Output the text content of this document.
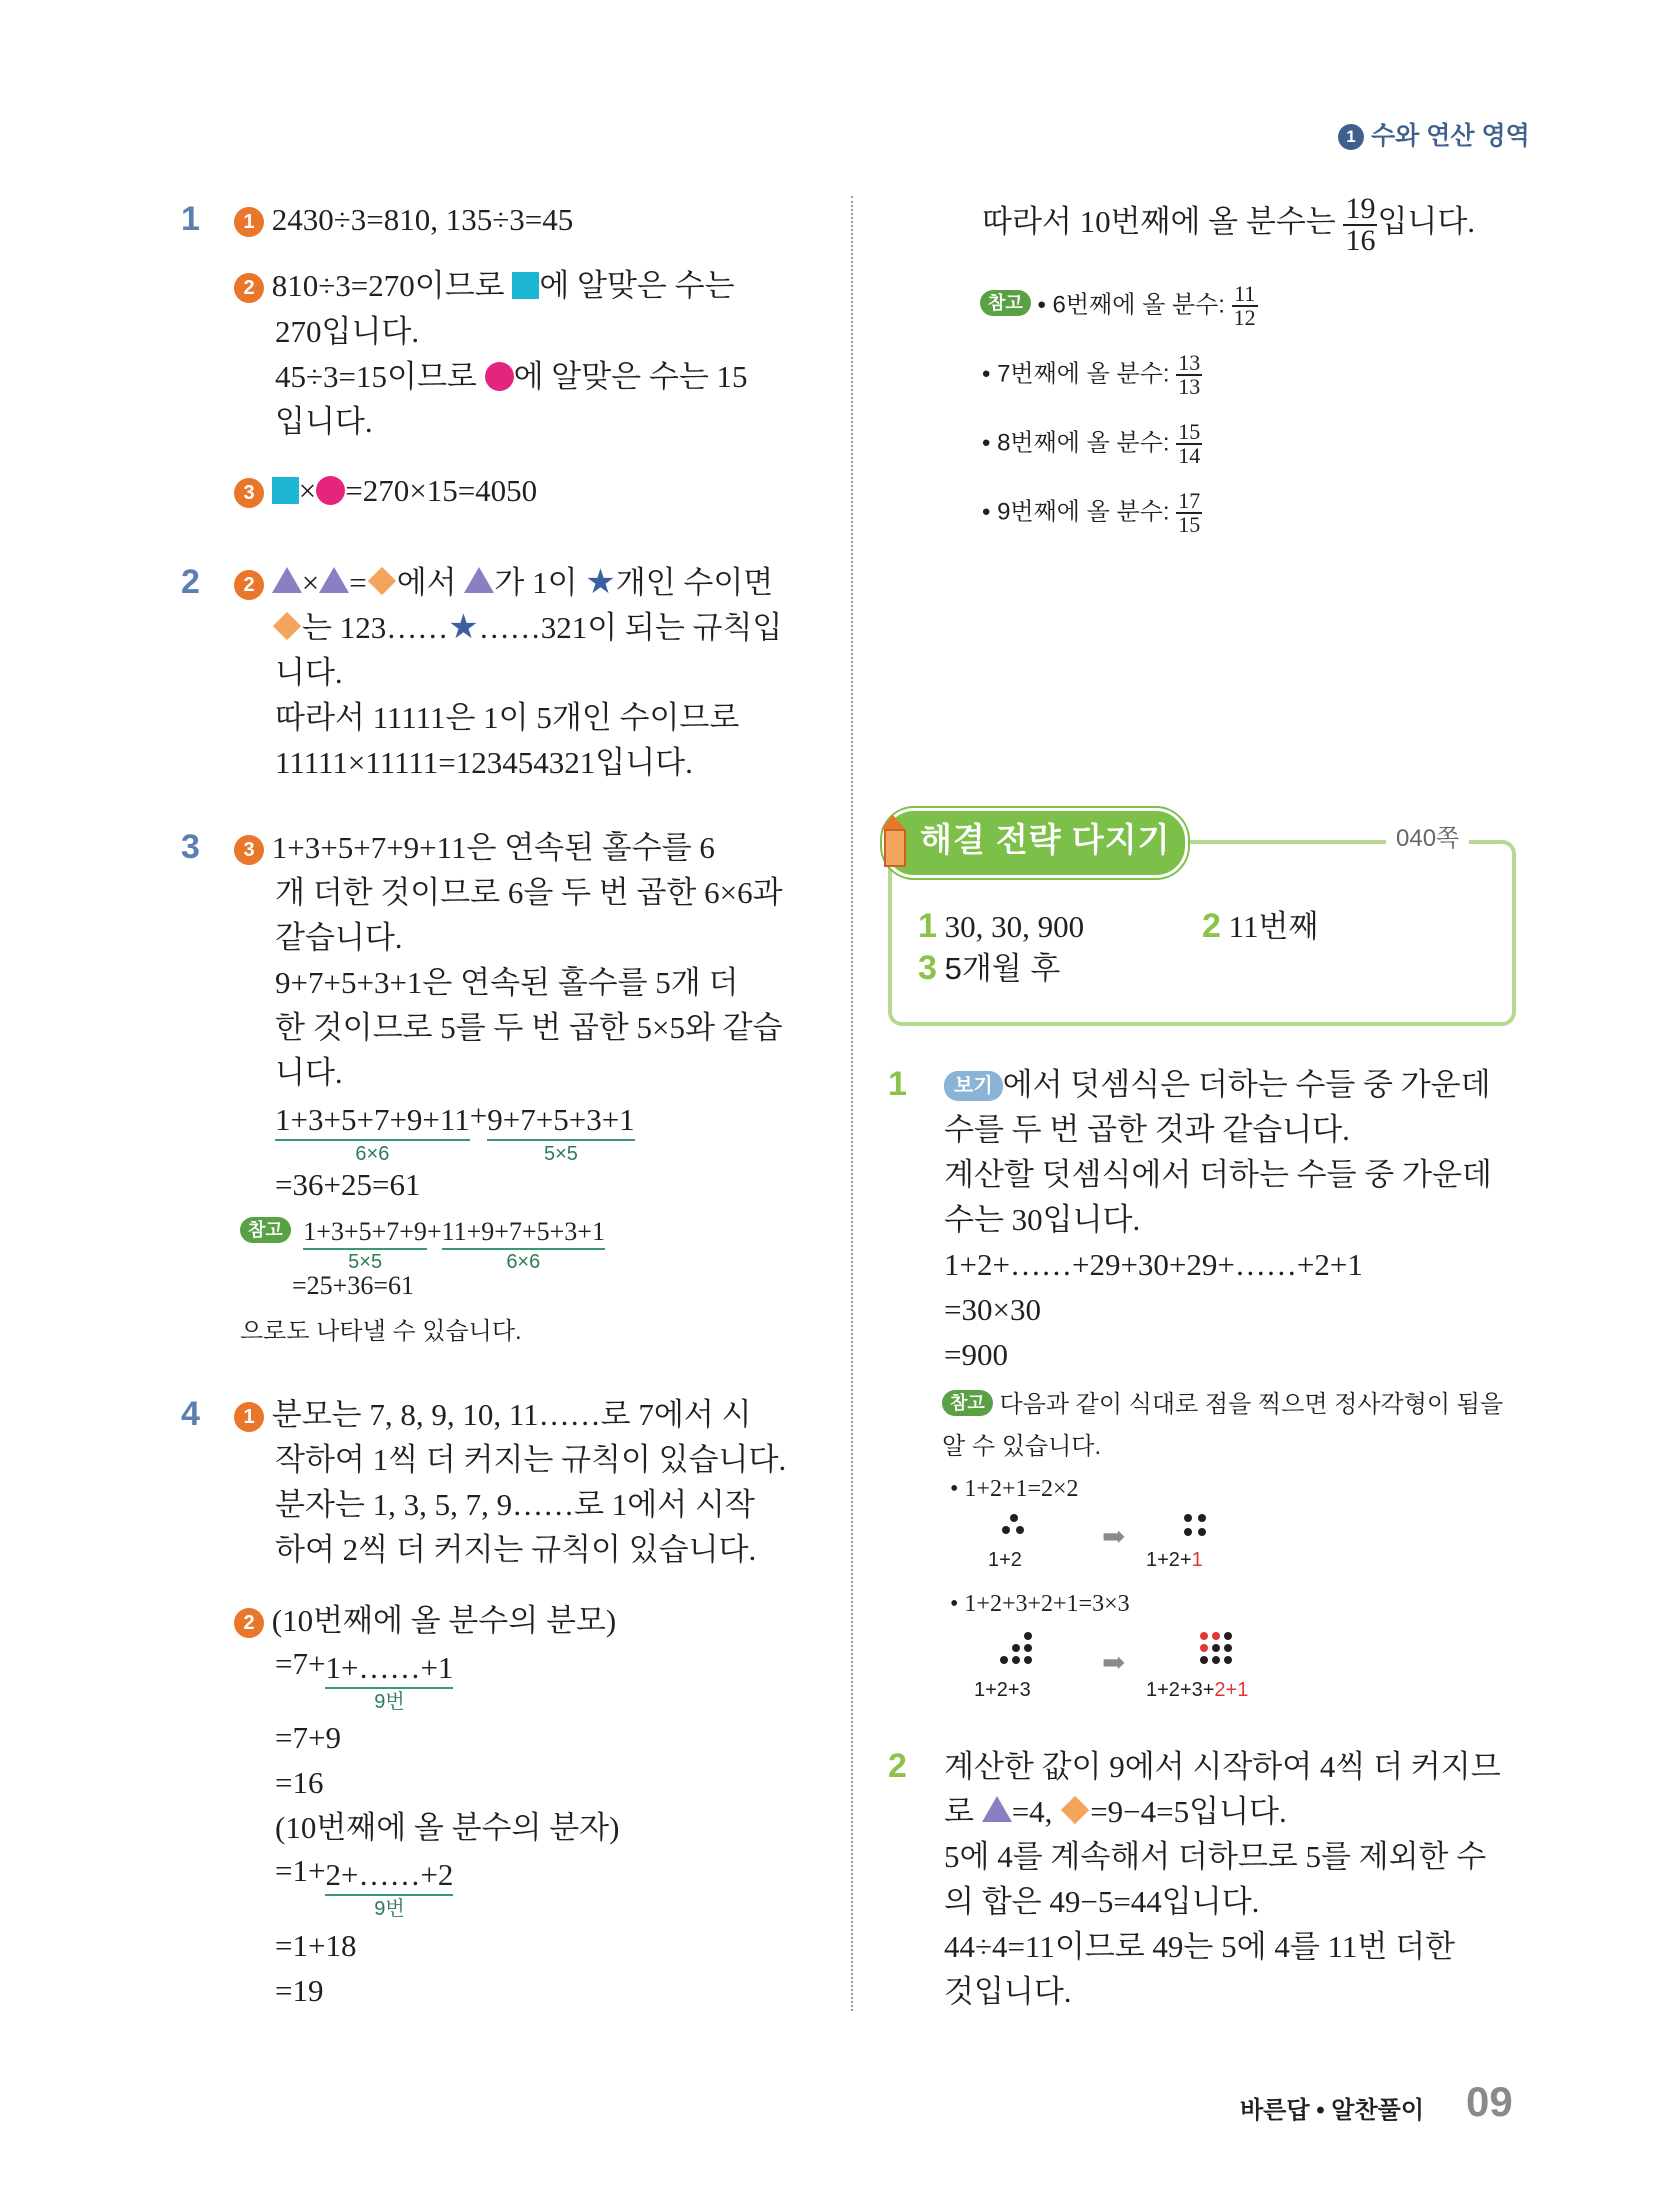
1 수와 연산 영역
1	1 2430÷3=810, 135÷3=45
2 810÷3=270이므로 에 알맞은 수는
270입니다.
45÷3=15이므로 에 알맞은 수는 15
입니다.
3 × =270×15=4050
2	2 × = 에서 가 1이 ★개인 수이면
는 123……★……321이 되는 규칙입
니다.
따라서 11111은 1이 5개인 수이므로
11111×11111=123454321입니다.
3	3 1+3+5+7+9+11은 연속된 홀수를 6
개 더한 것이므로 6을 두 번 곱한 6×6과
같습니다.
9+7+5+3+1은 연속된 홀수를 5개 더
한 것이므로 5를 두 번 곱한 5×5와 같습
니다.
1+3+5+7+9+11
6×6
+9+7+5+3+1
5×5
=36+25=61
참고 1+3+5+7+9
5×5
+11+9+7+5+3+1
6×6
=25+36=61
으로도 나타낼 수 있습니다.
4	1 분모는 7, 8, 9, 10, 11……로 7에서 시
작하여 1씩 더 커지는 규칙이 있습니다.
분자는 1, 3, 5, 7, 9……로 1에서 시작
하여 2씩 더 커지는 규칙이 있습니다.
2 (10번째에 올 분수의 분모)
=7+1+……+1
9번
=7+9
=16
(10번째에 올 분수의 분자)
=1+2+……+2
9번
=1+18
=19
따라서 10번째에 올 분수는 $\frac{19}{16}$ 입니다.
참고 • 6번째에 올 분수: $\frac{11}{12}$
• 7번째에 올 분수: $\frac{13}{13}$
• 8번째에 올 분수: $\frac{15}{14}$
• 9번째에 올 분수: $\frac{17}{15}$
해결 전략 다지기	040쪽
1 30, 30, 900	2 11번째
3 5개월 후
1	보기 에서 덧셈식은 더하는 수들 중 가운데
수를 두 번 곱한 것과 같습니다.
계산할 덧셈식에서 더하는 수들 중 가운데
수는 30입니다.
1+2+……+29+30+29+……+2+1
=30×30
=900
참고 다음과 같이 식대로 점을 찍으면 정사각형이 됨을
알 수 있습니다.
• 1+2+1=2×2
1+2
➡
1+2+1
• 1+2+3+2+1=3×3
1+2+3
➡
1+2+3+2+1
2 계산한 값이 9에서 시작하여 4씩 더 커지므
로 =4, =9−4=5입니다.
5에 4를 계속해서 더하므로 5를 제외한 수
의 합은 49−5=44입니다.
44÷4=11이므로 49는 5에 4를 11번 더한
것입니다.
바른답 • 알찬풀이 09
